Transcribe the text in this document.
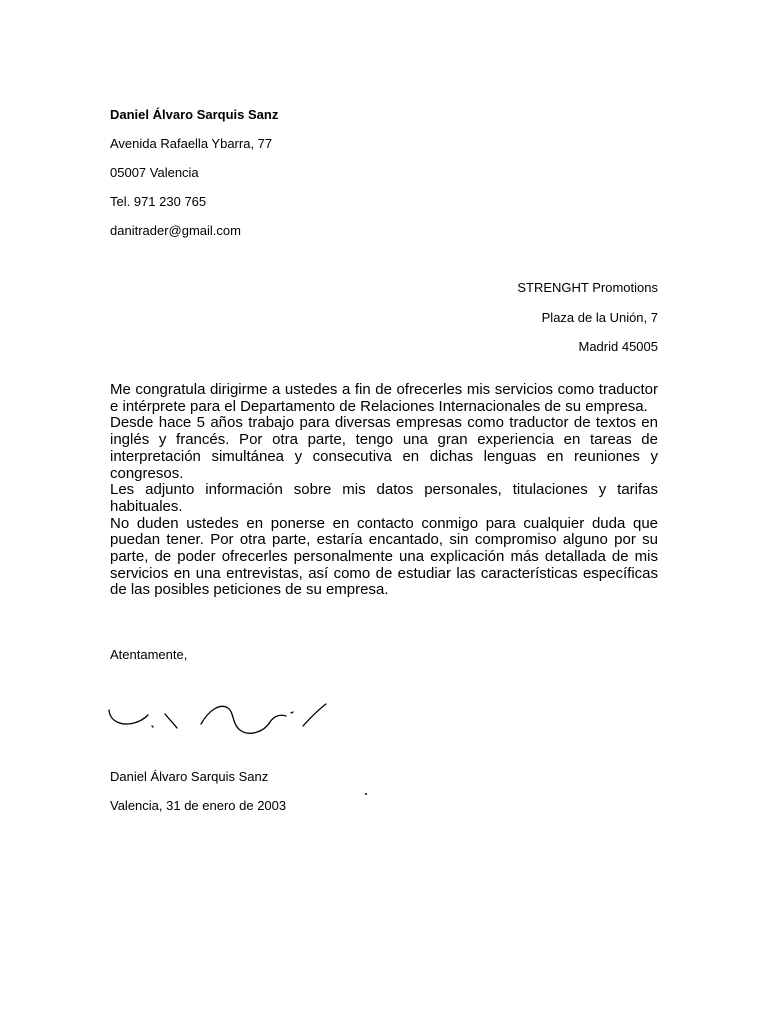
Daniel Álvaro Sarquis Sanz
Avenida Rafaella Ybarra, 77
05007 Valencia
Tel. 971 230 765
danitrader@gmail.com
STRENGHT Promotions
Plaza de la Unión, 7
Madrid 45005

Me congratula dirigirme a ustedes a fin de ofrecerles mis servicios como traductor e intérprete para el Departamento de Relaciones Internacionales de su empresa.

Desde hace 5 años trabajo para diversas empresas como traductor de textos en inglés y francés. Por otra parte, tengo una gran experiencia en tareas de interpretación simultánea y consecutiva en dichas lenguas en reuniones y congresos.

Les adjunto información sobre mis datos personales, titulaciones y tarifas habituales.

No duden ustedes en ponerse en contacto conmigo para cualquier duda que puedan tener. Por otra parte, estaría encantado, sin compromiso alguno por su parte, de poder ofrecerles personalmente una explicación más detallada de mis servicios en una entrevistas, así como de estudiar las características específicas de las posibles peticiones de su empresa.

Atentamente,
Daniel Álvaro Sarquis Sanz
Valencia, 31 de enero de 2003
